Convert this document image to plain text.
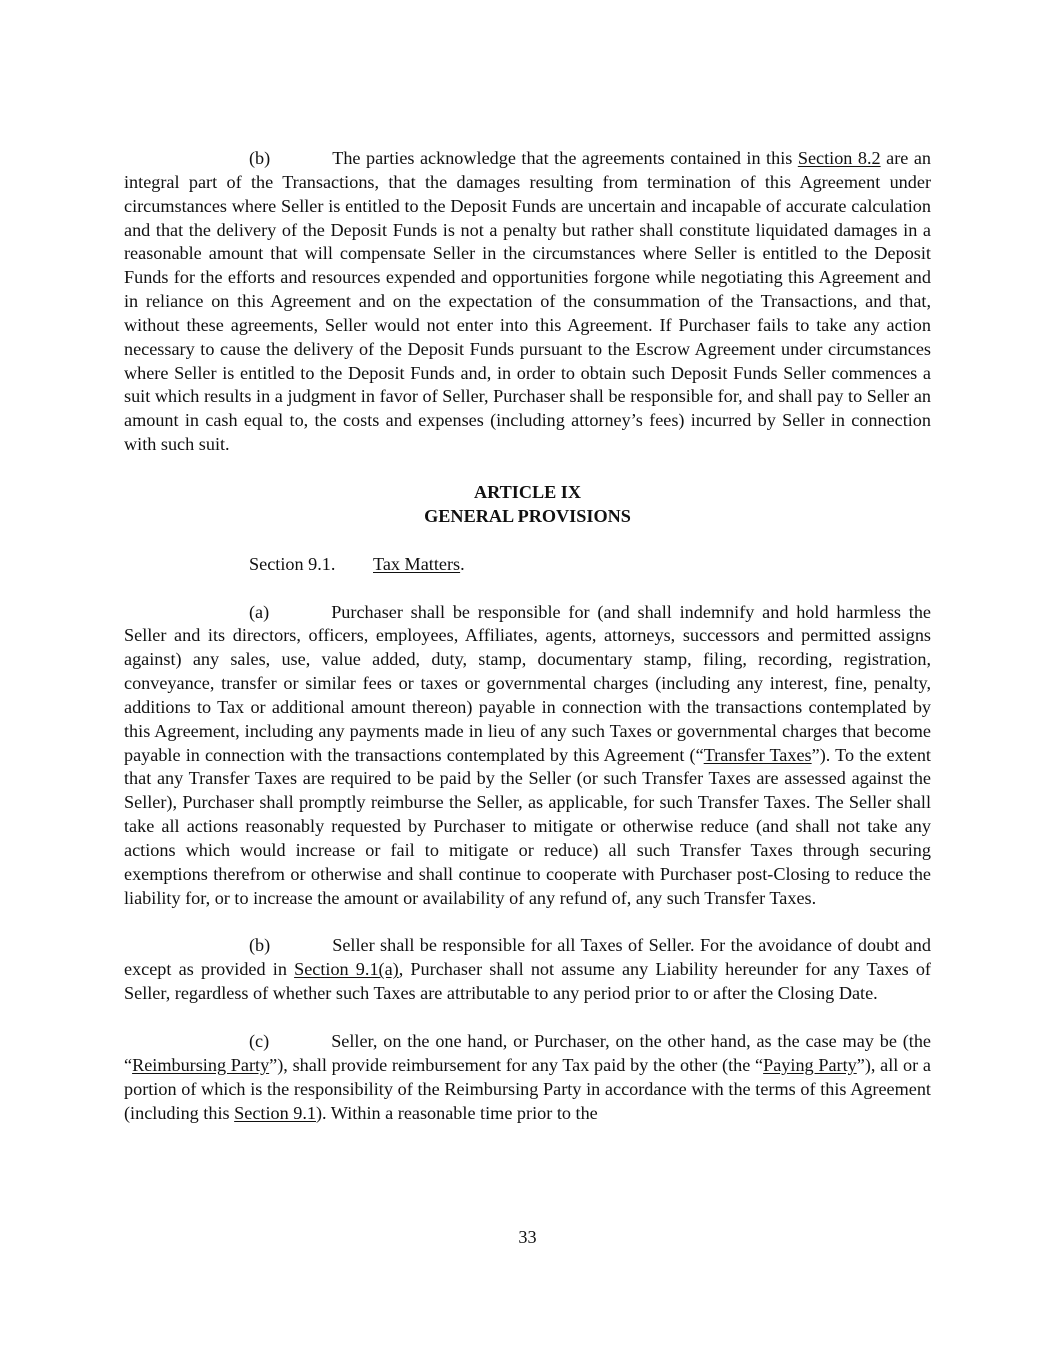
(b)	The parties acknowledge that the agreements contained in this Section 8.2 are an integral part of the Transactions, that the damages resulting from termination of this Agreement under circumstances where Seller is entitled to the Deposit Funds are uncertain and incapable of accurate calculation and that the delivery of the Deposit Funds is not a penalty but rather shall constitute liquidated damages in a reasonable amount that will compensate Seller in the circumstances where Seller is entitled to the Deposit Funds for the efforts and resources expended and opportunities forgone while negotiating this Agreement and in reliance on this Agreement and on the expectation of the consummation of the Transactions, and that, without these agreements, Seller would not enter into this Agreement. If Purchaser fails to take any action necessary to cause the delivery of the Deposit Funds pursuant to the Escrow Agreement under circumstances where Seller is entitled to the Deposit Funds and, in order to obtain such Deposit Funds Seller commences a suit which results in a judgment in favor of Seller, Purchaser shall be responsible for, and shall pay to Seller an amount in cash equal to, the costs and expenses (including attorney’s fees) incurred by Seller in connection with such suit.

ARTICLE IX
GENERAL PROVISIONS

Section 9.1. Tax Matters.

(a)	Purchaser shall be responsible for (and shall indemnify and hold harmless the Seller and its directors, officers, employees, Affiliates, agents, attorneys, successors and permitted assigns against) any sales, use, value added, duty, stamp, documentary stamp, filing, recording, registration, conveyance, transfer or similar fees or taxes or governmental charges (including any interest, fine, penalty, additions to Tax or additional amount thereon) payable in connection with the transactions contemplated by this Agreement, including any payments made in lieu of any such Taxes or governmental charges that become payable in connection with the transactions contemplated by this Agreement (“Transfer Taxes”). To the extent that any Transfer Taxes are required to be paid by the Seller (or such Transfer Taxes are assessed against the Seller), Purchaser shall promptly reimburse the Seller, as applicable, for such Transfer Taxes. The Seller shall take all actions reasonably requested by Purchaser to mitigate or otherwise reduce (and shall not take any actions which would increase or fail to mitigate or reduce) all such Transfer Taxes through securing exemptions therefrom or otherwise and shall continue to cooperate with Purchaser post-Closing to reduce the liability for, or to increase the amount or availability of any refund of, any such Transfer Taxes.

(b)	Seller shall be responsible for all Taxes of Seller. For the avoidance of doubt and except as provided in Section 9.1(a), Purchaser shall not assume any Liability hereunder for any Taxes of Seller, regardless of whether such Taxes are attributable to any period prior to or after the Closing Date.

(c)	Seller, on the one hand, or Purchaser, on the other hand, as the case may be (the “Reimbursing Party”), shall provide reimbursement for any Tax paid by the other (the “Paying Party”), all or a portion of which is the responsibility of the Reimbursing Party in accordance with the terms of this Agreement (including this Section 9.1). Within a reasonable time prior to the

33
